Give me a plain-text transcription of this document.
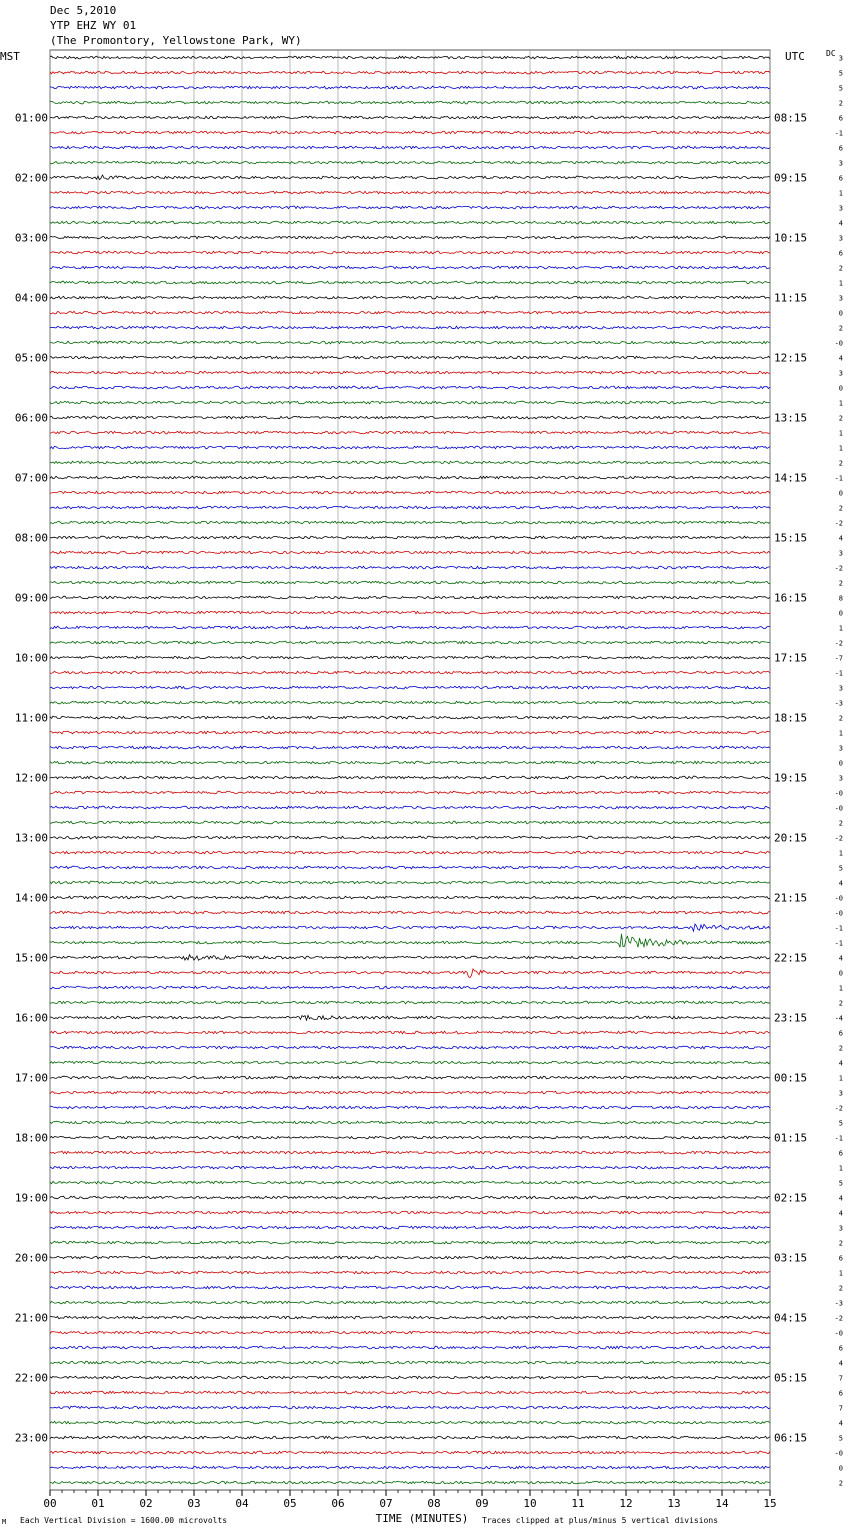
Dec 5,2010
YTP EHZ WY 01
(The Promontory, Yellowstone Park, WY)
MST	UTC	DC
M Each Vertical Division = 1600.00 microvolts	Traces clipped at plus/minus 5 vertical divisions
00	01	02	03	04	05	06	07	08	09	10	11	12	13	14	15
3
5
5
2
6
01:00	08:15
-1
6
3
6
02:00	09:15
1
3
4
3
03:00	10:15
6
2
1
3
04:00	11:15
0
2
-0
4
05:00	12:15
3
0
1
2
06:00	13:15
1
1
2
-1
07:00	14:15
0
2
-2
4
08:00	15:15
3
-2
2
8
09:00	16:15
0
1
-2
-7
10:00	17:15
-1
3
-3
2
11:00	18:15
1
3
0
3
12:00	19:15
-0
-0
2
-2
13:00	20:15
1
5
4
-0
14:00	21:15
-0
-1
-1
4
15:00	22:15
0
1
2
-4
16:00	23:15
6
2
4
1
17:00	00:15
3
-2
5
-1
18:00	01:15
6
1
5
4
19:00	02:15
4
3
2
6
20:00	03:15
1
2
-3
-2
21:00	04:15
-0
6
4
7
22:00	05:15
6
7
4
5
23:00	06:15
-0
0
2
TIME (MINUTES)
